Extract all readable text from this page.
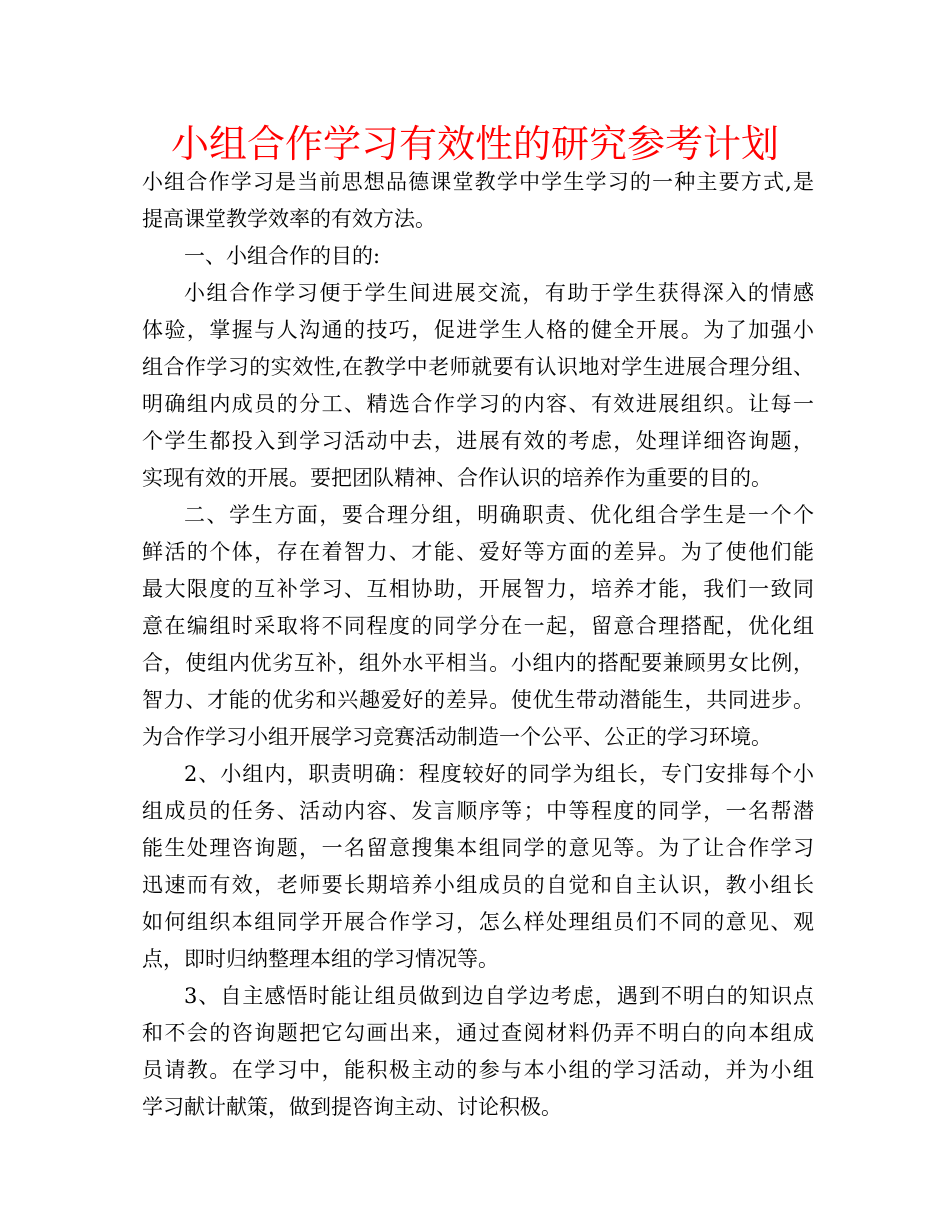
小组合作学习有效性的研究参考计划
小组合作学习是当前思想品德课堂教学中学生学习的一种主要方式,是
提高课堂教学效率的有效方法。
一、小组合作的目的:
小组合作学习便于学生间进展交流，有助于学生获得深入的情感
体验，掌握与人沟通的技巧，促进学生人格的健全开展。为了加强小
组合作学习的实效性,在教学中老师就要有认识地对学生进展合理分组、
明确组内成员的分工、精选合作学习的内容、有效进展组织。让每一
个学生都投入到学习活动中去，进展有效的考虑，处理详细咨询题，
实现有效的开展。要把团队精神、合作认识的培养作为重要的目的。
二、学生方面，要合理分组，明确职责、优化组合学生是一个个
鲜活的个体，存在着智力、才能、爱好等方面的差异。为了使他们能
最大限度的互补学习、互相协助，开展智力，培养才能，我们一致同
意在编组时采取将不同程度的同学分在一起，留意合理搭配，优化组
合，使组内优劣互补，组外水平相当。小组内的搭配要兼顾男女比例，
智力、才能的优劣和兴趣爱好的差异。使优生带动潜能生，共同进步。
为合作学习小组开展学习竞赛活动制造一个公平、公正的学习环境。
2、小组内，职责明确：程度较好的同学为组长，专门安排每个小
组成员的任务、活动内容、发言顺序等；中等程度的同学，一名帮潜
能生处理咨询题，一名留意搜集本组同学的意见等。为了让合作学习
迅速而有效，老师要长期培养小组成员的自觉和自主认识，教小组长
如何组织本组同学开展合作学习，怎么样处理组员们不同的意见、观
点，即时归纳整理本组的学习情况等。
3、自主感悟时能让组员做到边自学边考虑，遇到不明白的知识点
和不会的咨询题把它勾画出来，通过查阅材料仍弄不明白的向本组成
员请教。在学习中，能积极主动的参与本小组的学习活动，并为小组
学习献计献策，做到提咨询主动、讨论积极。
